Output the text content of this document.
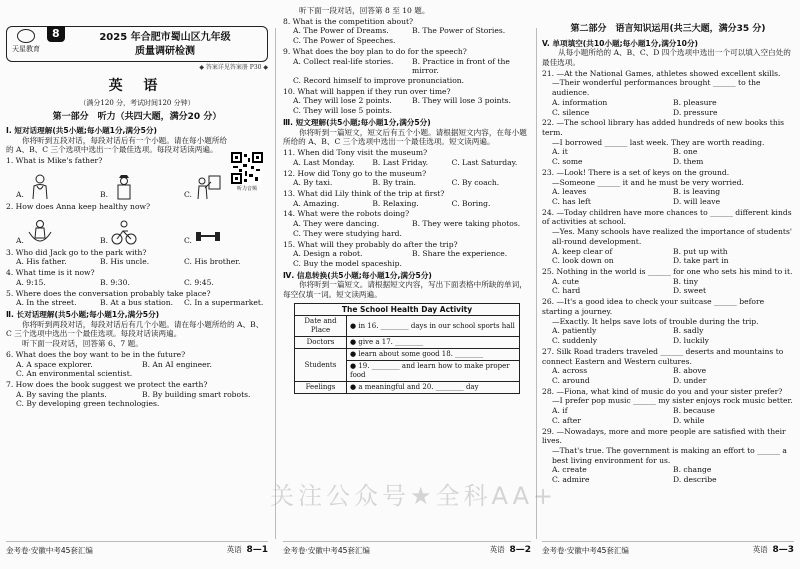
天星教育
8	2025 年合肥市蜀山区九年级
质量调研检测
◆ 答案详见答案册 P30 ◆
英 语
（满分120 分，考试时间120 分钟）
第一部分　听力（共四大题，满分20 分）
听力音频
Ⅰ. 短对话理解(共5小题;每小题1分,满分5分)
你将听到五段对话，每段对话后有一个小题。请在每小题所给的 A、B、C 三个选项中选出一个最佳选项。每段对话读两遍。
1. What is Mike's father?
A.	B.	C.
2. How does Anna keep healthy now?
A.	B.	C.
3. Who did Jack go to the park with?
A. His father.	B. His uncle.	C. His brother.
4. What time is it now?
A. 9:15.	B. 9:30.	C. 9:45.
5. Where does the conversation probably take place?
A. In the street.	B. At a bus station.	C. In a supermarket.
Ⅱ. 长对话理解(共5小题;每小题1分,满分5分)
你将听到两段对话，每段对话后有几个小题。请在每小题所给的 A、B、C 三个选项中选出一个最佳选项。每段对话读两遍。
听下面一段对话，回答第 6、7 题。
6. What does the boy want to be in the future?
A. A space explorer.	B. An AI engineer.
C. An environmental scientist.
7. How does the book suggest we protect the earth?
A. By saving the plants.	B. By building smart robots.
C. By developing green technologies.
金考卷·安徽中考45套汇编	英语 8—1
听下面一段对话，回答第 8 至 10 题。
8. What is the competition about?
A. The Power of Dreams.	B. The Power of Stories.
C. The Power of Speeches.
9. What does the boy plan to do for the speech?
A. Collect real-life stories.	B. Practice in front of the mirror.
C. Record himself to improve pronunciation.
10. What will happen if they run over time?
A. They will lose 2 points.	B. They will lose 3 points.
C. They will lose 5 points.
Ⅲ. 短文理解(共5小题;每小题1分,满分5分)
你将听到一篇短文，短文后有五个小题。请根据短文内容，在每小题所给的 A、B、C 三个选项中选出一个最佳选项。短文读两遍。
11. When did Tony visit the museum?
A. Last Monday.	B. Last Friday.	C. Last Saturday.
12. How did Tony go to the museum?
A. By taxi.	B. By train.	C. By coach.
13. What did Lily think of the trip at first?
A. Amazing.	B. Relaxing.	C. Boring.
14. What were the robots doing?
A. They were dancing.	B. They were taking photos.
C. They were studying hard.
15. What will they probably do after the trip?
A. Design a robot.	B. Share the experience.
C. Buy the model spaceship.
Ⅳ. 信息转换(共5小题;每小题1分,满分5分)
你将听到一篇短文。请根据短文内容，写出下面表格中所缺的单词，每空仅填一词。短文读两遍。
The School Health Day Activity	
Date and Place	● in 16. ________ days in our school sports hall
Doctors	● give a 17. ________
Students	● learn about some good 18. ________
	● 19. ________ and learn how to make proper food
Feelings	● a meaningful and 20. ________ day
金考卷·安徽中考45套汇编	英语 8—2
第二部分　语言知识运用(共三大题，满分35 分)
V. 单项填空(共10小题;每小题1分,满分10分)
从每小题所给的 A、B、C、D 四个选项中选出一个可以填入空白处的最佳选项。
21. —At the National Games, athletes showed excellent skills.
—Their wonderful performances brought ______ to the audience.
A. information	B. pleasure
C. silence	D. pressure
22. —The school library has added hundreds of new books this term.
—I borrowed ______ last week. They are worth reading.
A. it	B. one
C. some	D. them
23. —Look! There is a set of keys on the ground.
—Someone ______ it and he must be very worried.
A. leaves	B. is leaving
C. has left	D. will leave
24. —Today children have more chances to ______ different kinds of activities at school.
—Yes. Many schools have realized the importance of students' all-round development.
A. keep clear of	B. put up with
C. look down on	D. take part in
25. Nothing in the world is ______ for one who sets his mind to it.
A. cute	B. tiny
C. hard	D. sweet
26. —It's a good idea to check your suitcase ______ before starting a journey.
—Exactly. It helps save lots of trouble during the trip.
A. patiently	B. sadly
C. suddenly	D. luckily
27. Silk Road traders traveled ______ deserts and mountains to connect Eastern and Western cultures.
A. across	B. above
C. around	D. under
28. —Fiona, what kind of music do you and your sister prefer?
—I prefer pop music ______ my sister enjoys rock music better.
A. if	B. because
C. after	D. while
29. —Nowadays, more and more people are satisfied with their lives.
—That's true. The government is making an effort to ______ a best living environment for us.
A. create	B. change
C. admire	D. describe
金考卷·安徽中考45套汇编	英语 8—3
关注公众号★全科AA+
